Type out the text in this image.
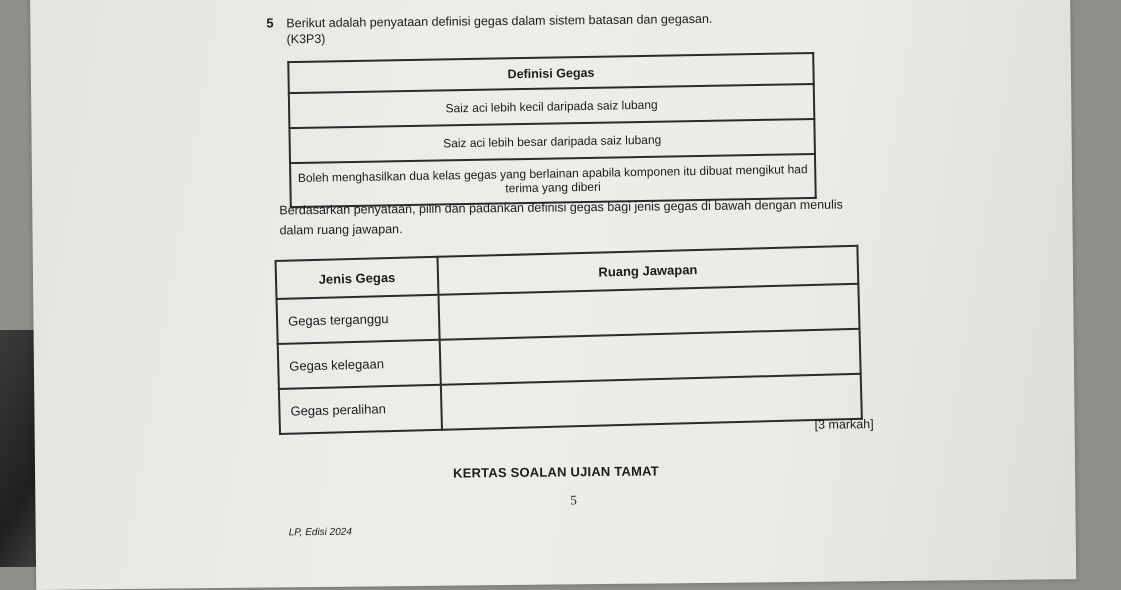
5 Berikut adalah penyataan definisi gegas dalam sistem batasan dan gegasan.
(K3P3)
Definisi Gegas
Saiz aci lebih kecil daripada saiz lubang
Saiz aci lebih besar daripada saiz lubang
Boleh menghasilkan dua kelas gegas yang berlainan apabila komponen itu dibuat mengikut had terima yang diberi
Berdasarkan penyataan, pilih dan padankan definisi gegas bagi jenis gegas di bawah dengan menulis dalam ruang jawapan.
Jenis Gegas	Ruang Jawapan
Gegas terganggu	
Gegas kelegaan	
Gegas peralihan	
[3 markah]
KERTAS SOALAN UJIAN TAMAT
5
LP, Edisi 2024
